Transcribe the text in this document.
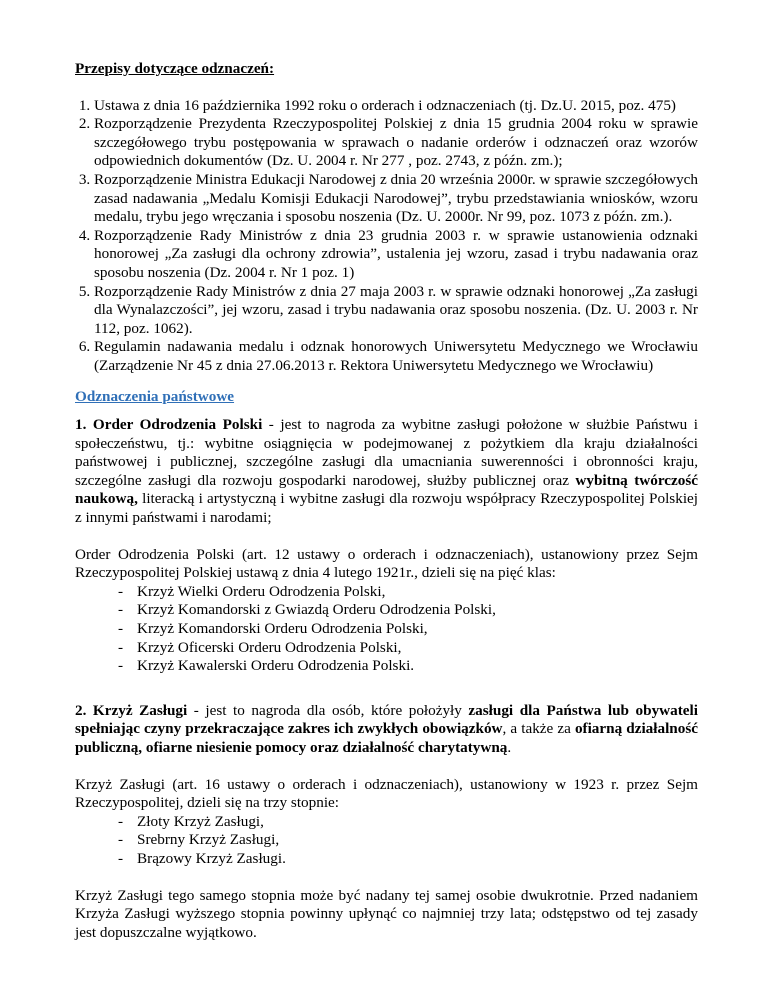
Przepisy dotyczące odznaczeń:
1. Ustawa z dnia 16 października 1992 roku o orderach i odznaczeniach (tj. Dz.U. 2015, poz. 475)
2. Rozporządzenie Prezydenta Rzeczypospolitej Polskiej z dnia 15 grudnia 2004 roku w sprawie szczegółowego trybu postępowania w sprawach o nadanie orderów i odznaczeń oraz wzorów odpowiednich dokumentów (Dz. U. 2004 r. Nr 277 , poz. 2743, z późn. zm.);
3. Rozporządzenie Ministra Edukacji Narodowej z dnia 20 września 2000r. w sprawie szczegółowych zasad nadawania „Medalu Komisji Edukacji Narodowej”, trybu przedstawiania wniosków, wzoru medalu, trybu jego wręczania i sposobu noszenia (Dz. U. 2000r. Nr 99, poz. 1073 z późn. zm.).
4. Rozporządzenie Rady Ministrów z dnia 23 grudnia 2003 r. w sprawie ustanowienia odznaki honorowej „Za zasługi dla ochrony zdrowia”, ustalenia jej wzoru, zasad i trybu nadawania oraz sposobu noszenia (Dz. 2004 r. Nr 1 poz. 1)
5. Rozporządzenie Rady Ministrów z dnia 27 maja 2003 r. w sprawie odznaki honorowej „Za zasługi dla Wynalazczości”, jej wzoru, zasad i trybu nadawania oraz sposobu noszenia. (Dz. U. 2003 r. Nr 112, poz. 1062).
6. Regulamin nadawania medalu i odznak honorowych Uniwersytetu Medycznego we Wrocławiu (Zarządzenie Nr 45 z dnia 27.06.2013 r. Rektora Uniwersytetu Medycznego we Wrocławiu)
Odznaczenia państwowe

1. Order Odrodzenia Polski - jest to nagroda za wybitne zasługi położone w służbie Państwu i społeczeństwu, tj.: wybitne osiągnięcia w podejmowanej z pożytkiem dla kraju działalności państwowej i publicznej, szczególne zasługi dla umacniania suwerenności i obronności kraju, szczególne zasługi dla rozwoju gospodarki narodowej, służby publicznej oraz wybitną twórczość naukową, literacką i artystyczną i wybitne zasługi dla rozwoju współpracy Rzeczypospolitej Polskiej z innymi państwami i narodami;

Order Odrodzenia Polski (art. 12 ustawy o orderach i odznaczeniach), ustanowiony przez Sejm Rzeczypospolitej Polskiej ustawą z dnia 4 lutego 1921r., dzieli się na pięć klas:

- Krzyż Wielki Orderu Odrodzenia Polski,
- Krzyż Komandorski z Gwiazdą Orderu Odrodzenia Polski,
- Krzyż Komandorski Orderu Odrodzenia Polski,
- Krzyż Oficerski Orderu Odrodzenia Polski,
- Krzyż Kawalerski Orderu Odrodzenia Polski.

2. Krzyż Zasługi - jest to nagroda dla osób, które położyły zasługi dla Państwa lub obywateli spełniając czyny przekraczające zakres ich zwykłych obowiązków, a także za ofiarną działalność publiczną, ofiarne niesienie pomocy oraz działalność charytatywną.

Krzyż Zasługi (art. 16 ustawy o orderach i odznaczeniach), ustanowiony w 1923 r. przez Sejm Rzeczypospolitej, dzieli się na trzy stopnie:

- Złoty Krzyż Zasługi,
- Srebrny Krzyż Zasługi,
- Brązowy Krzyż Zasługi.

Krzyż Zasługi tego samego stopnia może być nadany tej samej osobie dwukrotnie. Przed nadaniem Krzyża Zasługi wyższego stopnia powinny upłynąć co najmniej trzy lata; odstępstwo od tej zasady jest dopuszczalne wyjątkowo.
